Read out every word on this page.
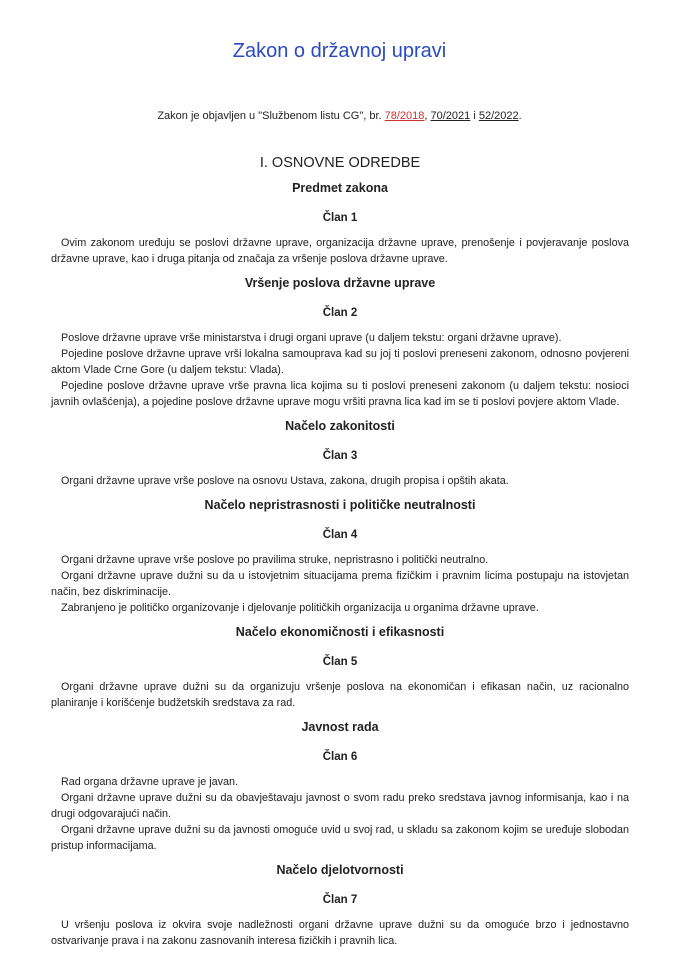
Zakon o državnoj upravi
Zakon je objavljen u "Službenom listu CG", br. 78/2018, 70/2021 i 52/2022.
I. OSNOVNE ODREDBE
Predmet zakona
Član 1

Ovim zakonom uređuju se poslovi državne uprave, organizacija državne uprave, prenošenje i povjeravanje poslova državne uprave, kao i druga pitanja od značaja za vršenje poslova državne uprave.

Vršenje poslova državne uprave
Član 2

Poslove državne uprave vrše ministarstva i drugi organi uprave (u daljem tekstu: organi državne uprave).

Pojedine poslove državne uprave vrši lokalna samouprava kad su joj ti poslovi preneseni zakonom, odnosno povjereni aktom Vlade Crne Gore (u daljem tekstu: Vlada).

Pojedine poslove državne uprave vrše pravna lica kojima su ti poslovi preneseni zakonom (u daljem tekstu: nosioci javnih ovlašćenja), a pojedine poslove državne uprave mogu vršiti pravna lica kad im se ti poslovi povjere aktom Vlade.

Načelo zakonitosti
Član 3

Organi državne uprave vrše poslove na osnovu Ustava, zakona, drugih propisa i opštih akata.

Načelo nepristrasnosti i političke neutralnosti
Član 4

Organi državne uprave vrše poslove po pravilima struke, nepristrasno i politički neutralno.

Organi državne uprave dužni su da u istovjetnim situacijama prema fizičkim i pravnim licima postupaju na istovjetan način, bez diskriminacije.

Zabranjeno je političko organizovanje i djelovanje političkih organizacija u organima državne uprave.

Načelo ekonomičnosti i efikasnosti
Član 5

Organi državne uprave dužni su da organizuju vršenje poslova na ekonomičan i efikasan način, uz racionalno planiranje i korišćenje budžetskih sredstava za rad.

Javnost rada
Član 6

Rad organa državne uprave je javan.

Organi državne uprave dužni su da obavještavaju javnost o svom radu preko sredstava javnog informisanja, kao i na drugi odgovarajući način.

Organi državne uprave dužni su da javnosti omoguće uvid u svoj rad, u skladu sa zakonom kojim se uređuje slobodan pristup informacijama.

Načelo djelotvornosti
Član 7

U vršenju poslova iz okvira svoje nadležnosti organi državne uprave dužni su da omoguće brzo i jednostavno ostvarivanje prava i na zakonu zasnovanih interesa fizičkih i pravnih lica.
